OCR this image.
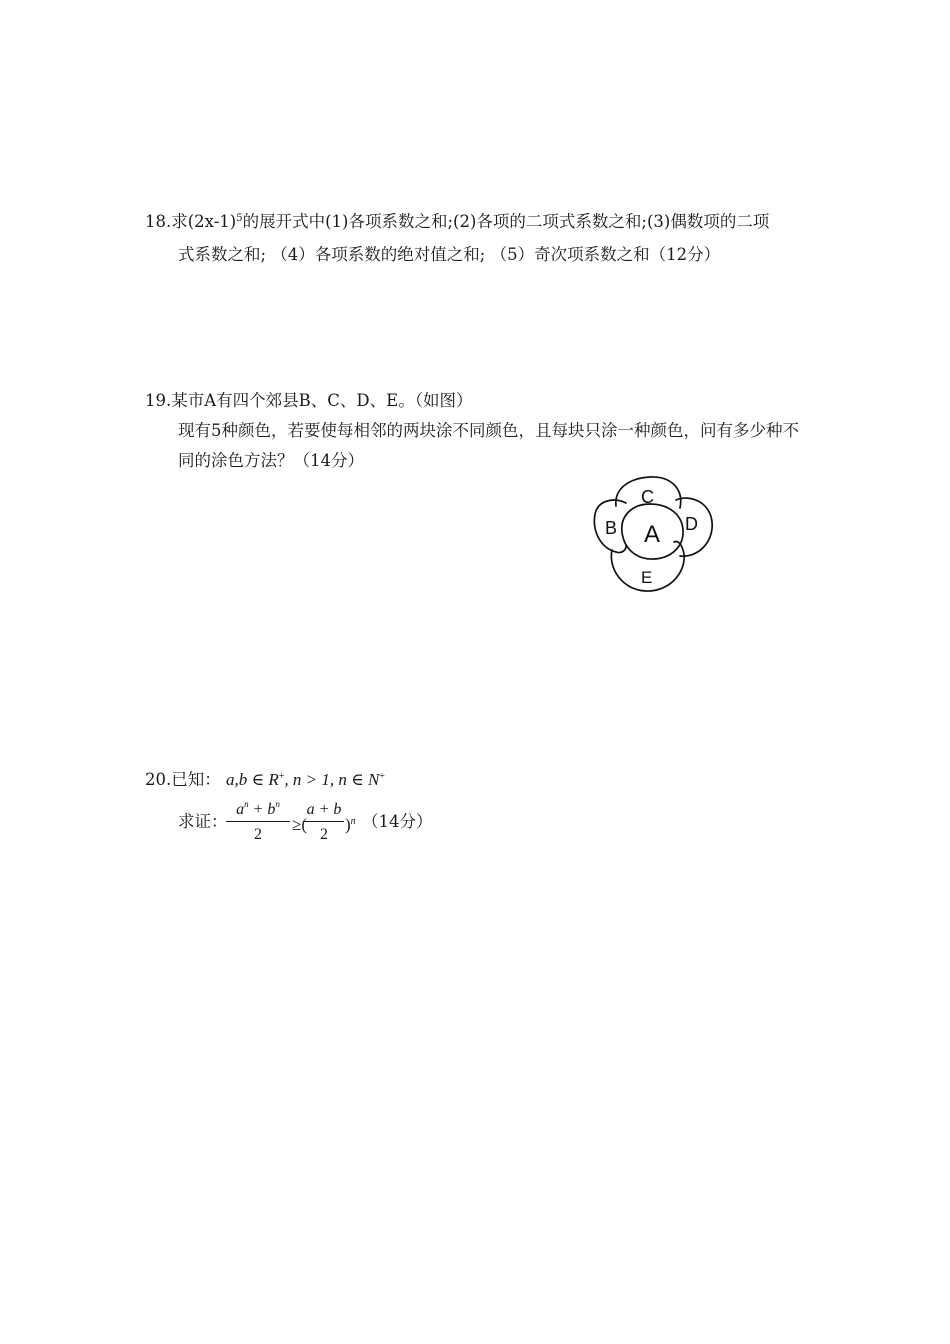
18.求$(2x-1)^5$的展开式中(1)各项系数之和;(2)各项的二项式系数之和;(3)偶数项的二项
式系数之和; （4）各项系数的绝对值之和; （5）奇次项系数之和（12分）
19.某市A有四个郊县B、C、D、E。（如图）
现有5种颜色，若要使每相邻的两块涂不同颜色，且每块只涂一种颜色，问有多少种不
同的涂色方法？（14分）
A
B
C
D
E
20.已知： a,b ∈ R+, n > 1, n ∈ N+
求证：
$a^n + b^n$
2
≥(
a + b
2
)$^n$ （14分）
